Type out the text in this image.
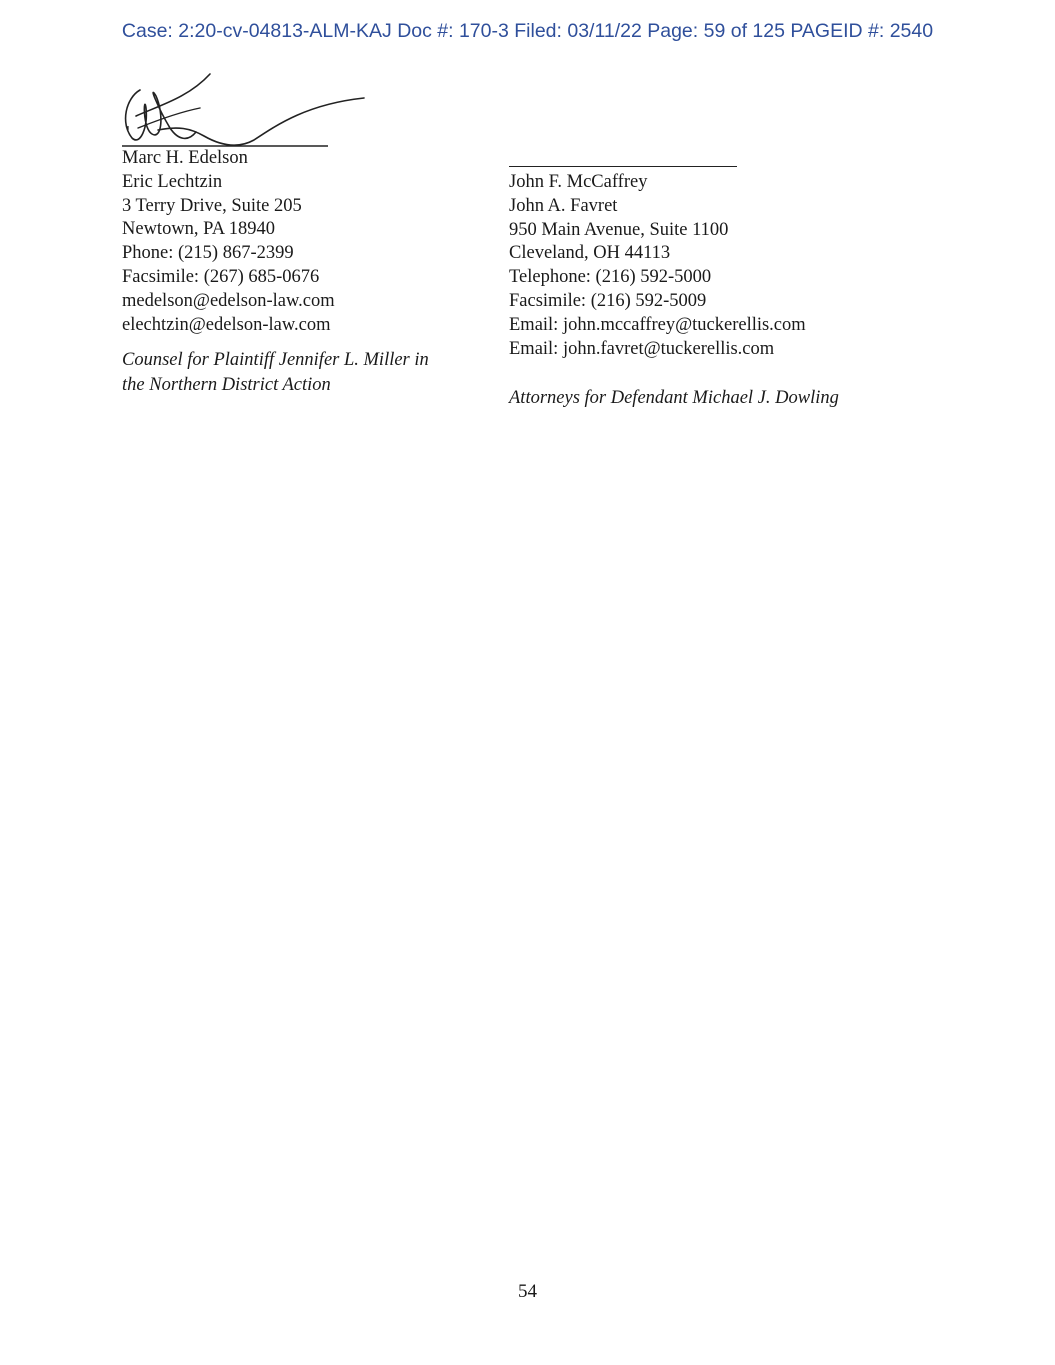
Case: 2:20-cv-04813-ALM-KAJ Doc #: 170-3 Filed: 03/11/22 Page: 59 of 125 PAGEID #: 2540
Marc H. Edelson
Eric Lechtzin
3 Terry Drive, Suite 205
Newtown, PA 18940
Phone: (215) 867-2399
Facsimile: (267) 685-0676
medelson@edelson-law.com
elechtzin@edelson-law.com
Counsel for Plaintiff Jennifer L. Miller in
the Northern District Action
John F. McCaffrey
John A. Favret
950 Main Avenue, Suite 1100
Cleveland, OH 44113
Telephone: (216) 592-5000
Facsimile: (216) 592-5009
Email: john.mccaffrey@tuckerellis.com
Email: john.favret@tuckerellis.com
Attorneys for Defendant Michael J. Dowling
54
